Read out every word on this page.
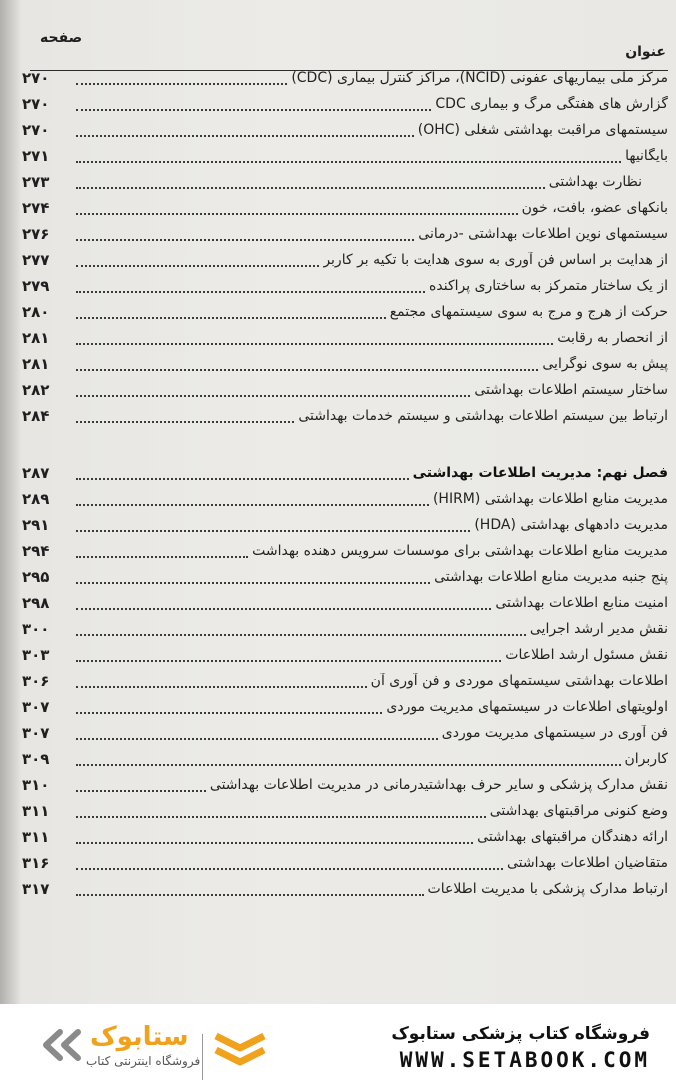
عنوان
صفحه
۲۷۰	مرکز ملی بیماریهای عفونی (NCID)، مراکز کنترل بیماری (CDC)
۲۷۰	گزارش های هفتگی مرگ و بیماری CDC
۲۷۰	سیستمهای مراقبت بهداشتی شغلی (OHC)
۲۷۱	بایگانیها
۲۷۳	نظارت بهداشتی
۲۷۴	بانکهای عضو، بافت، خون
۲۷۶	سیستمهای نوین اطلاعات بهداشتی -درمانی
۲۷۷	از هدایت بر اساس فن آوری به سوی هدایت با تکیه بر کاربر
۲۷۹	از یک ساختار متمرکز به ساختاری پراکنده
۲۸۰	حرکت از هرج و مرج به سوی سیستمهای مجتمع
۲۸۱	از انحصار به رقابت
۲۸۱	پیش به سوی نوگرایی
۲۸۲	ساختار سیستم اطلاعات بهداشتی
۲۸۴	ارتباط بین سیستم اطلاعات بهداشتی و سیستم خدمات بهداشتی
۲۸۷	فصل نهم: مدیریت اطلاعات بهداشتی
۲۸۹	مدیریت منابع اطلاعات بهداشتی (HIRM)
۲۹۱	مدیریت دادههای بهداشتی (HDA)
۲۹۴	مدیریت منابع اطلاعات بهداشتی برای موسسات سرویس دهنده بهداشت
۲۹۵	پنج جنبه مدیریت منابع اطلاعات بهداشتی
۲۹۸	امنیت منابع اطلاعات بهداشتی
۳۰۰	نقش مدیر ارشد اجرایی
۳۰۳	نقش مسئول ارشد اطلاعات
۳۰۶	اطلاعات بهداشتی سیستمهای موردی و فن آوری آن
۳۰۷	اولویتهای اطلاعات در سیستمهای مدیریت موردی
۳۰۷	فن آوری در سیستمهای مدیریت موردی
۳۰۹	کاربران
۳۱۰	نقش مدارک پزشکی و سایر حرف بهداشتیدرمانی در مدیریت اطلاعات بهداشتی
۳۱۱	وضع کنونی مراقبتهای بهداشتی
۳۱۱	ارائه دهندگان مراقبتهای بهداشتی
۳۱۶	متقاضیان اطلاعات بهداشتی
۳۱۷	ارتباط مدارک پزشکی با مدیریت اطلاعات
ستابوک
فروشگاه اینترنتی کتاب
فروشگاه کتاب پزشکی ستابوک
WWW.SETABOOK.COM
